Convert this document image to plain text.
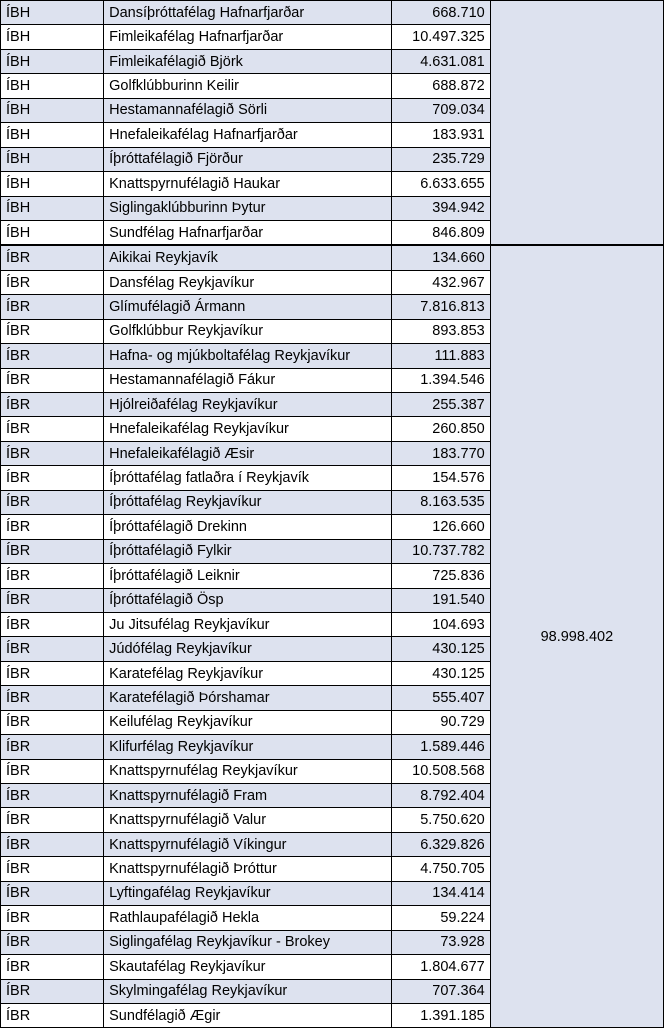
ÍBH	Dansíþróttafélag Hafnarfjarðar	668.710	
ÍBH	Fimleikafélag Hafnarfjarðar	10.497.325	
ÍBH	Fimleikafélagið Björk	4.631.081	
ÍBH	Golfklúbburinn Keilir	688.872	
ÍBH	Hestamannafélagið Sörli	709.034	
ÍBH	Hnefaleikafélag Hafnarfjarðar	183.931	
ÍBH	Íþróttafélagið Fjörður	235.729	
ÍBH	Knattspyrnufélagið Haukar	6.633.655	
ÍBH	Siglingaklúbburinn Þytur	394.942	
ÍBH	Sundfélag Hafnarfjarðar	846.809	
ÍBR	Aikikai Reykjavík	134.660	98.998.402
ÍBR	Dansfélag Reykjavíkur	432.967	
ÍBR	Glímufélagið Ármann	7.816.813	
ÍBR	Golfklúbbur Reykjavíkur	893.853	
ÍBR	Hafna- og mjúkboltafélag Reykjavíkur	111.883	
ÍBR	Hestamannafélagið Fákur	1.394.546	
ÍBR	Hjólreiðafélag Reykjavíkur	255.387	
ÍBR	Hnefaleikafélag Reykjavíkur	260.850	
ÍBR	Hnefaleikafélagið Æsir	183.770	
ÍBR	Íþróttafélag fatlaðra í Reykjavík	154.576	
ÍBR	Íþróttafélag Reykjavíkur	8.163.535	
ÍBR	Íþróttafélagið Drekinn	126.660	
ÍBR	Íþróttafélagið Fylkir	10.737.782	
ÍBR	Íþróttafélagið Leiknir	725.836	
ÍBR	Íþróttafélagið Ösp	191.540	
ÍBR	Ju Jitsufélag Reykjavíkur	104.693	
ÍBR	Júdófélag Reykjavíkur	430.125	
ÍBR	Karatefélag Reykjavíkur	430.125	
ÍBR	Karatefélagið Þórshamar	555.407	
ÍBR	Keilufélag Reykjavíkur	90.729	
ÍBR	Klifurfélag Reykjavíkur	1.589.446	
ÍBR	Knattspyrnufélag Reykjavíkur	10.508.568	
ÍBR	Knattspyrnufélagið Fram	8.792.404	
ÍBR	Knattspyrnufélagið Valur	5.750.620	
ÍBR	Knattspyrnufélagið Víkingur	6.329.826	
ÍBR	Knattspyrnufélagið Þróttur	4.750.705	
ÍBR	Lyftingafélag Reykjavíkur	134.414	
ÍBR	Rathlaupafélagið Hekla	59.224	
ÍBR	Siglingafélag Reykjavíkur - Brokey	73.928	
ÍBR	Skautafélag Reykjavíkur	1.804.677	
ÍBR	Skylmingafélag Reykjavíkur	707.364	
ÍBR	Sundfélagið Ægir	1.391.185	
